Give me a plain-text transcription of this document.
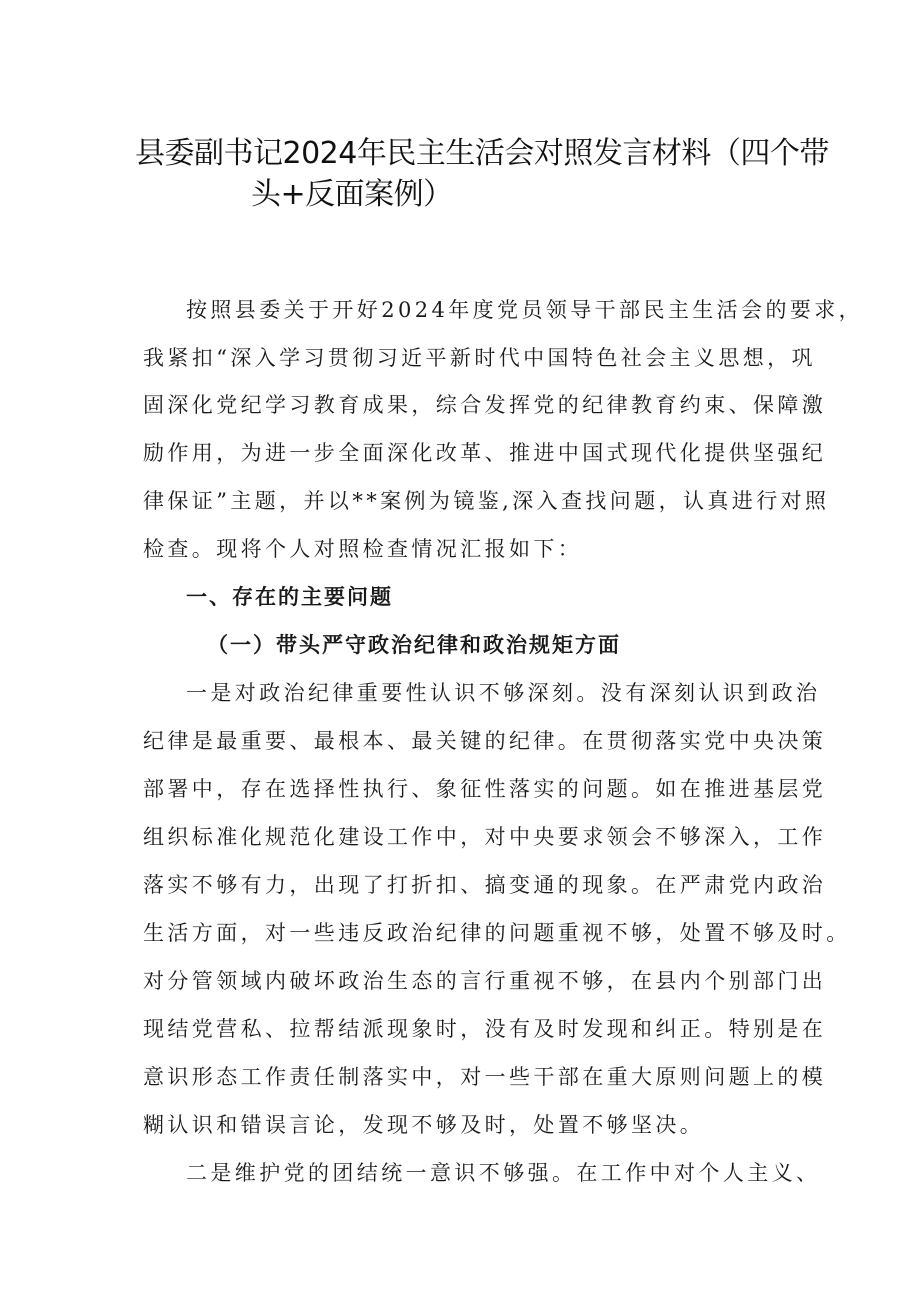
县委副书记2024年民主生活会对照发言材料（四个带
头+反面案例）
按照县委关于开好2024年度党员领导干部民主生活会的要求，
我紧扣“深入学习贯彻习近平新时代中国特色社会主义思想，巩
固深化党纪学习教育成果，综合发挥党的纪律教育约束、保障激
励作用，为进一步全面深化改革、推进中国式现代化提供坚强纪
律保证”主题，并以**案例为镜鉴,深入查找问题，认真进行对照
检查。现将个人对照检查情况汇报如下：
一、存在的主要问题
（一）带头严守政治纪律和政治规矩方面
一是对政治纪律重要性认识不够深刻。没有深刻认识到政治
纪律是最重要、最根本、最关键的纪律。在贯彻落实党中央决策
部署中，存在选择性执行、象征性落实的问题。如在推进基层党
组织标准化规范化建设工作中，对中央要求领会不够深入，工作
落实不够有力，出现了打折扣、搞变通的现象。在严肃党内政治
生活方面，对一些违反政治纪律的问题重视不够，处置不够及时。
对分管领域内破坏政治生态的言行重视不够，在县内个别部门出
现结党营私、拉帮结派现象时，没有及时发现和纠正。特别是在
意识形态工作责任制落实中，对一些干部在重大原则问题上的模
糊认识和错误言论，发现不够及时，处置不够坚决。
二是维护党的团结统一意识不够强。在工作中对个人主义、
